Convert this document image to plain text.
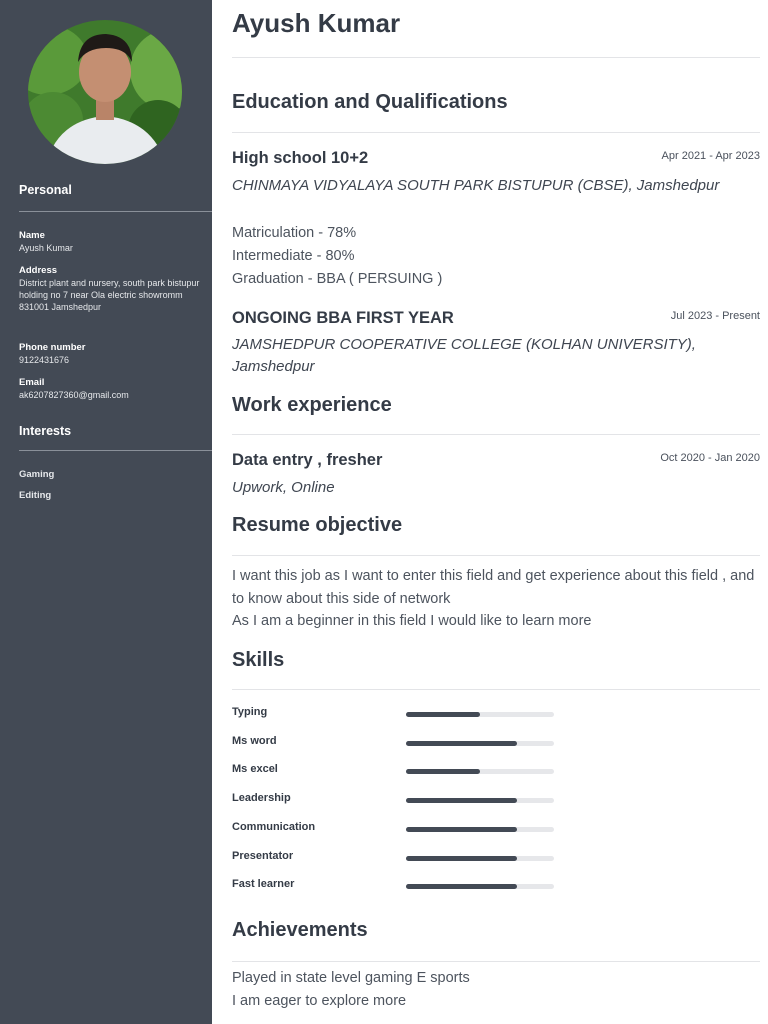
Personal
Name
Ayush Kumar
Address
District plant and nursery, south park bistupur holding no 7 near Ola electric showromm 831001 Jamshedpur
Phone number
9122431676
Email
ak6207827360@gmail.com
Interests
Gaming
Editing
Ayush Kumar
Education and Qualifications
High school 10+2	Apr 2021 - Apr 2023
CHINMAYA VIDYALAYA SOUTH PARK BISTUPUR (CBSE), Jamshedpur
Matriculation - 78%
Intermediate - 80%
Graduation - BBA ( PERSUING )
ONGOING BBA FIRST YEAR	Jul 2023 - Present
JAMSHEDPUR COOPERATIVE COLLEGE (KOLHAN UNIVERSITY), Jamshedpur
Work experience
Data entry , fresher	Oct 2020 - Jan 2020
Upwork, Online
Resume objective
I want this job as I want to enter this field and get experience about this field , and to know about this side of network
As I am a beginner in this field I would like to learn more
Skills
Typing
Ms word
Ms excel
Leadership
Communication
Presentator
Fast learner
Achievements
Played in state level gaming E sports
I am eager to explore more
